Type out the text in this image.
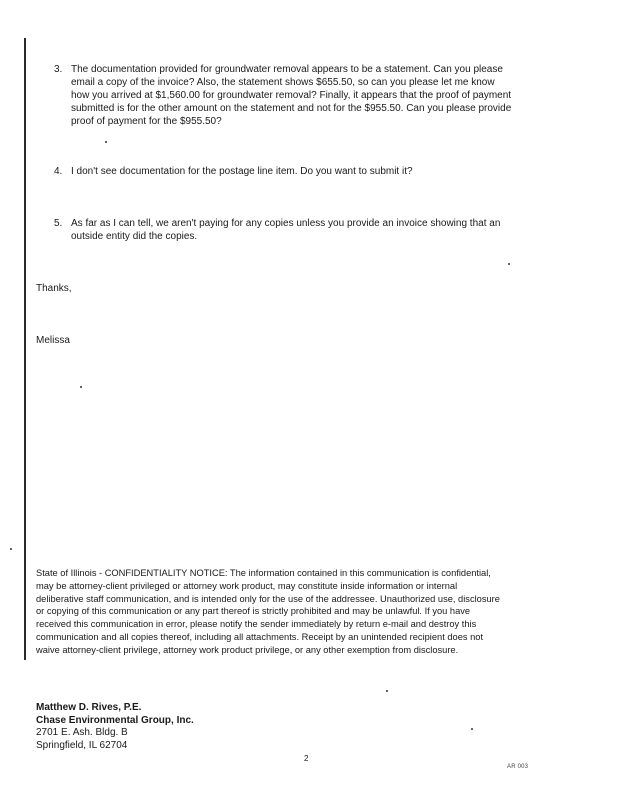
3. The documentation provided for groundwater removal appears to be a statement. Can you please
email a copy of the invoice? Also, the statement shows $655.50, so can you please let me know
how you arrived at $1,560.00 for groundwater removal? Finally, it appears that the proof of payment
submitted is for the other amount on the statement and not for the $955.50. Can you please provide
proof of payment for the $955.50?
4. I don't see documentation for the postage line item. Do you want to submit it?
5. As far as I can tell, we aren't paying for any copies unless you provide an invoice showing that an
outside entity did the copies.
Thanks,
Melissa
State of Illinois - CONFIDENTIALITY NOTICE: The information contained in this communication is confidential,
may be attorney-client privileged or attorney work product, may constitute inside information or internal
deliberative staff communication, and is intended only for the use of the addressee. Unauthorized use, disclosure
or copying of this communication or any part thereof is strictly prohibited and may be unlawful. If you have
received this communication in error, please notify the sender immediately by return e-mail and destroy this
communication and all copies thereof, including all attachments. Receipt by an unintended recipient does not
waive attorney-client privilege, attorney work product privilege, or any other exemption from disclosure.
Matthew D. Rives, P.E.
Chase Environmental Group, Inc.
2701 E. Ash. Bldg. B
Springfield, IL 62704
2
AR 003
